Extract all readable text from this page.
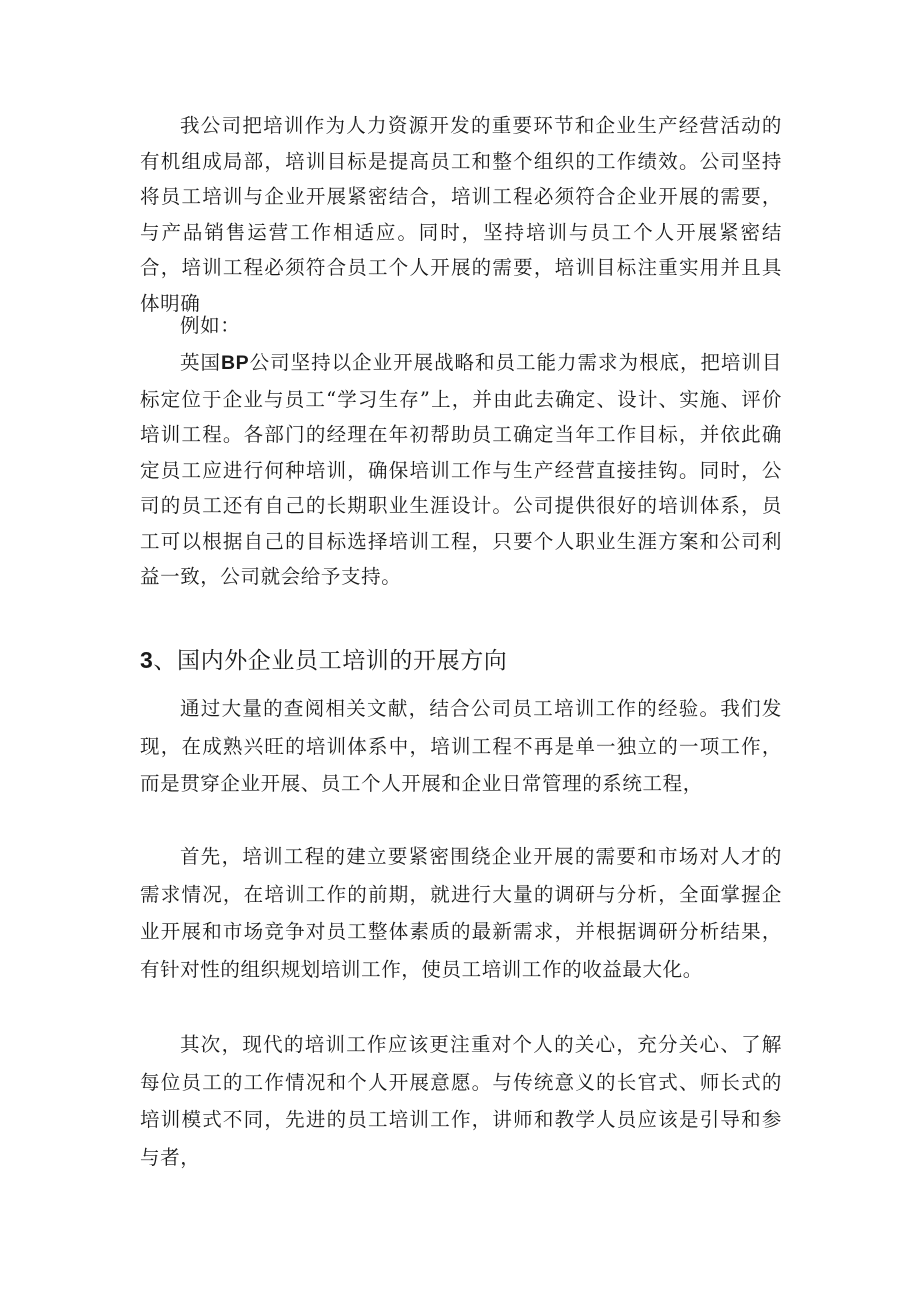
我公司把培训作为人力资源开发的重要环节和企业生产经营活动的有机组成局部，培训目标是提高员工和整个组织的工作绩效。公司坚持将员工培训与企业开展紧密结合，培训工程必须符合企业开展的需要，与产品销售运营工作相适应。同时，坚持培训与员工个人开展紧密结合，培训工程必须符合员工个人开展的需要，培训目标注重实用并且具体明确

例如：

英国BP公司坚持以企业开展战略和员工能力需求为根底，把培训目标定位于企业与员工“学习生存”上，并由此去确定、设计、实施、评价培训工程。各部门的经理在年初帮助员工确定当年工作目标，并依此确定员工应进行何种培训，确保培训工作与生产经营直接挂钩。同时，公司的员工还有自己的长期职业生涯设计。公司提供很好的培训体系，员工可以根据自己的目标选择培训工程，只要个人职业生涯方案和公司利益一致，公司就会给予支持。

3、国内外企业员工培训的开展方向

通过大量的查阅相关文献，结合公司员工培训工作的经验。我们发现，在成熟兴旺的培训体系中，培训工程不再是单一独立的一项工作，而是贯穿企业开展、员工个人开展和企业日常管理的系统工程，

首先，培训工程的建立要紧密围绕企业开展的需要和市场对人才的需求情况，在培训工作的前期，就进行大量的调研与分析，全面掌握企业开展和市场竞争对员工整体素质的最新需求，并根据调研分析结果，有针对性的组织规划培训工作，使员工培训工作的收益最大化。

其次，现代的培训工作应该更注重对个人的关心，充分关心、了解每位员工的工作情况和个人开展意愿。与传统意义的长官式、师长式的培训模式不同，先进的员工培训工作，讲师和教学人员应该是引导和参与者，
